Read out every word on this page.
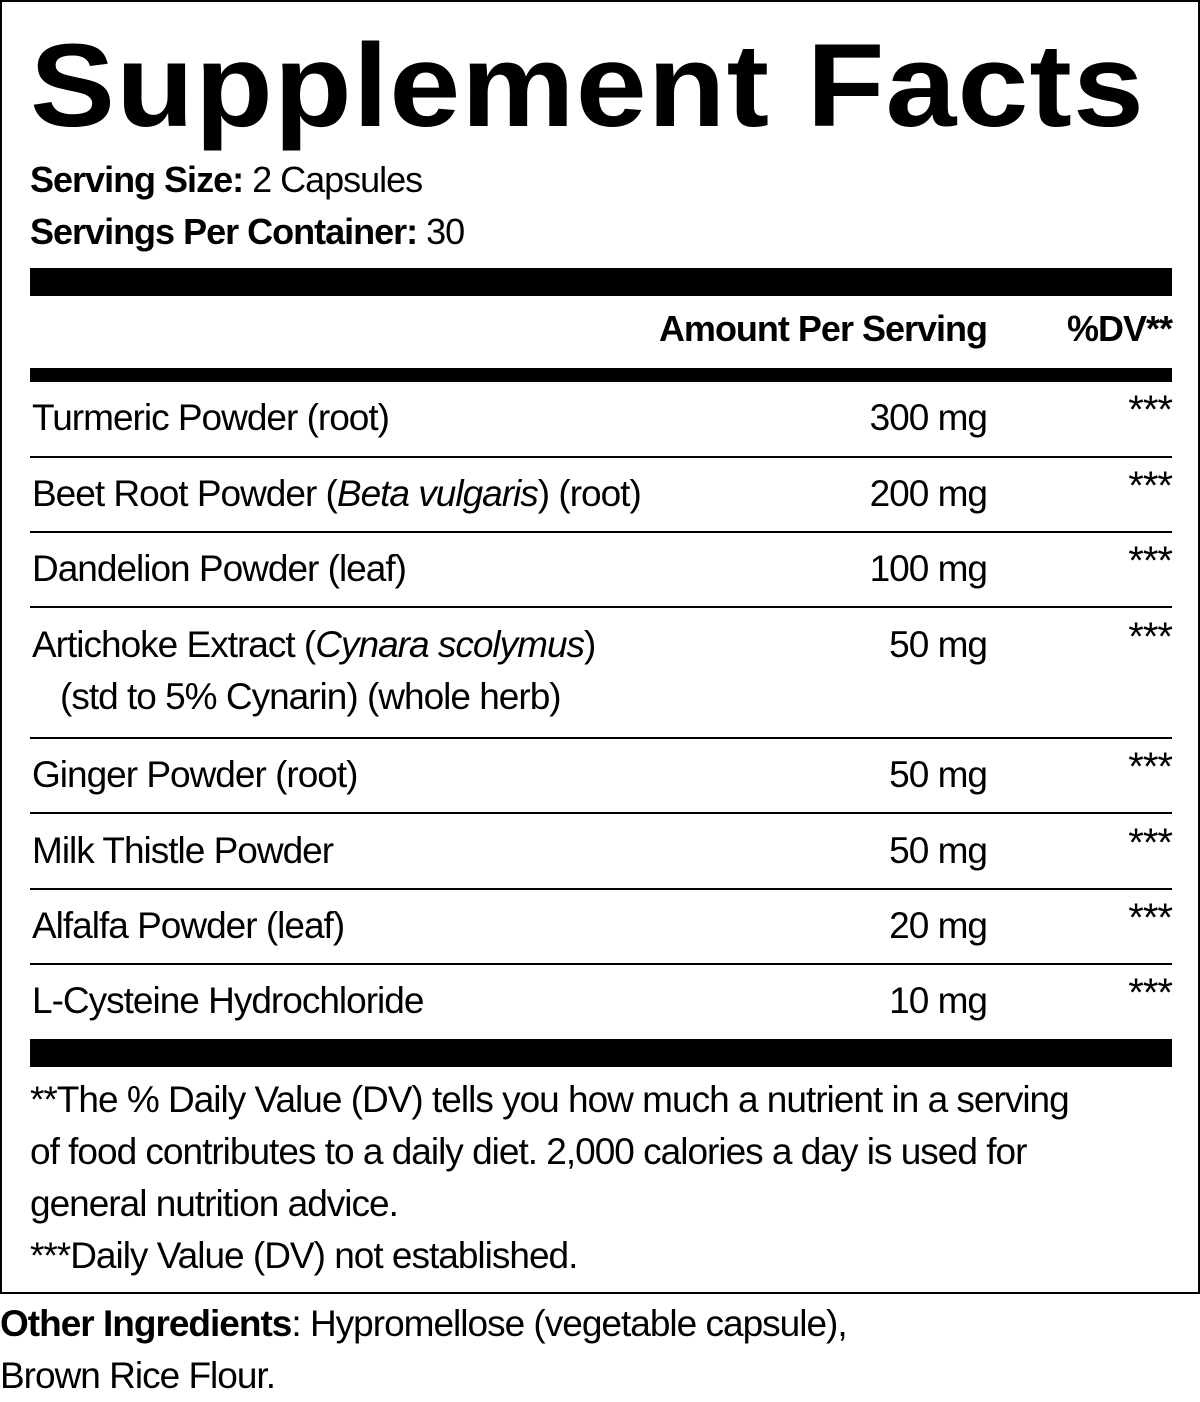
Supplement Facts
Serving Size: 2 Capsules
Servings Per Container: 30
Amount Per Serving %DV**
Turmeric Powder (root)	300 mg	***
Beet Root Powder (Beta vulgaris) (root)	200 mg	***
Dandelion Powder (leaf)	100 mg	***
Artichoke Extract (Cynara scolymus)
(std to 5% Cynarin) (whole herb)
50 mg	***
Ginger Powder (root)	50 mg	***
Milk Thistle Powder	50 mg	***
Alfalfa Powder (leaf)	20 mg	***
L-Cysteine Hydrochloride	10 mg	***
**The % Daily Value (DV) tells you how much a nutrient in a serving
of food contributes to a daily diet. 2,000 calories a day is used for
general nutrition advice.
***Daily Value (DV) not established.
Other Ingredients: Hypromellose (vegetable capsule),
Brown Rice Flour.
